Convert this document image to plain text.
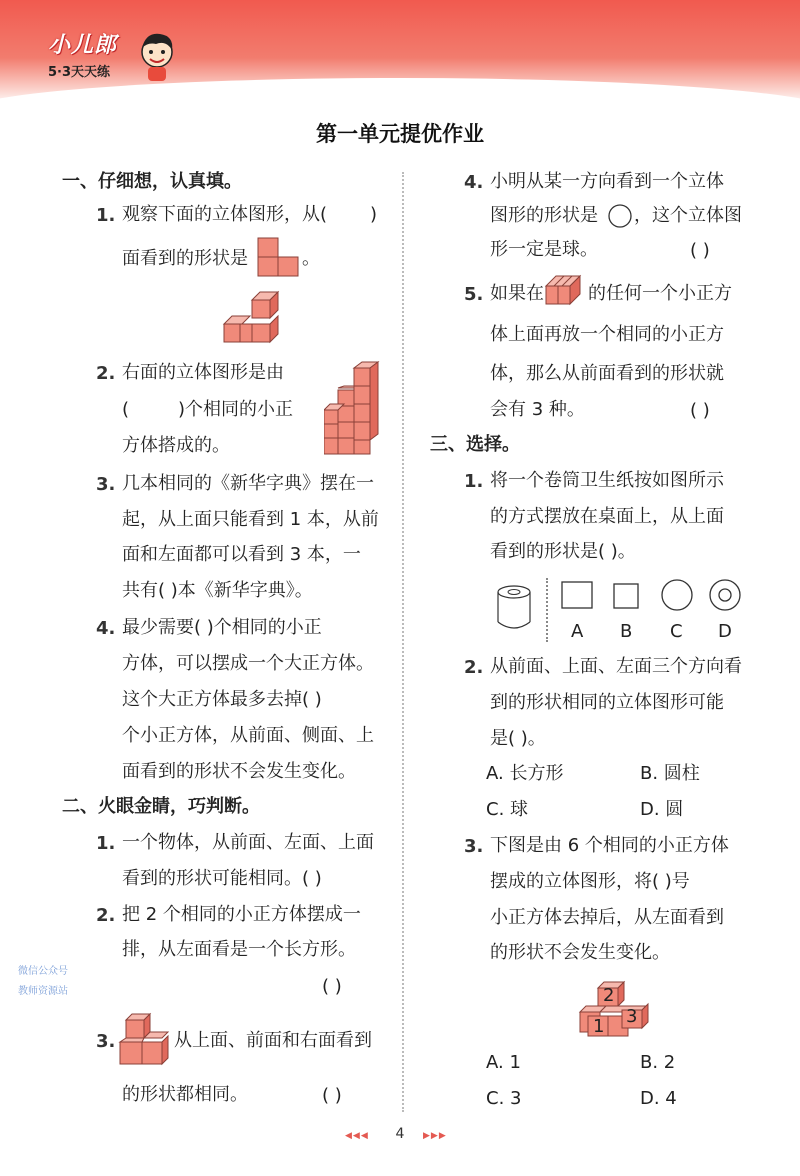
小儿郎
5·3天天练
第一单元提优作业
一、仔细想，认真填。
1. 观察下面的立体图形，从( )
面看到的形状是	。
2. 右面的立体图形是由
(	)个相同的小正
方体搭成的。
3. 几本相同的《新华字典》摆在一
起，从上面只能看到 1 本，从前
面和左面都可以看到 3 本，一
共有( )本《新华字典》。
4. 最少需要( )个相同的小正
方体，可以摆成一个大正方体。
这个大正方体最多去掉( )
个小正方体，从前面、侧面、上
面看到的形状不会发生变化。
二、火眼金睛，巧判断。
1. 一个物体，从前面、左面、上面
看到的形状可能相同。( )
2. 把 2 个相同的小正方体摆成一
排，从左面看是一个长方形。
( )
3.	从上面、前面和右面看到
的形状都相同。	( )
微信公众号
教师资源站
4. 小明从某一方向看到一个立体
图形的形状是 ，这个立体图
形一定是球。	( )
5. 如果在 的任何一个小正方
体上面再放一个相同的小正方
体，那么从前面看到的形状就
会有 3 种。	( )
三、选择。
1. 将一个卷筒卫生纸按如图所示
的方式摆放在桌面上，从上面
看到的形状是( )。
A B C D
2. 从前面、上面、左面三个方向看
到的形状相同的立体图形可能
是( )。
A. 长方形	B. 圆柱
C. 球	D. 圆
3. 下图是由 6 个相同的小正方体
摆成的立体图形，将( )号
小正方体去掉后，从左面看到
的形状不会发生变化。
2
1 3
A. 1	B. 2
C. 3	D. 4
◀◀◀	4	▶▶▶
